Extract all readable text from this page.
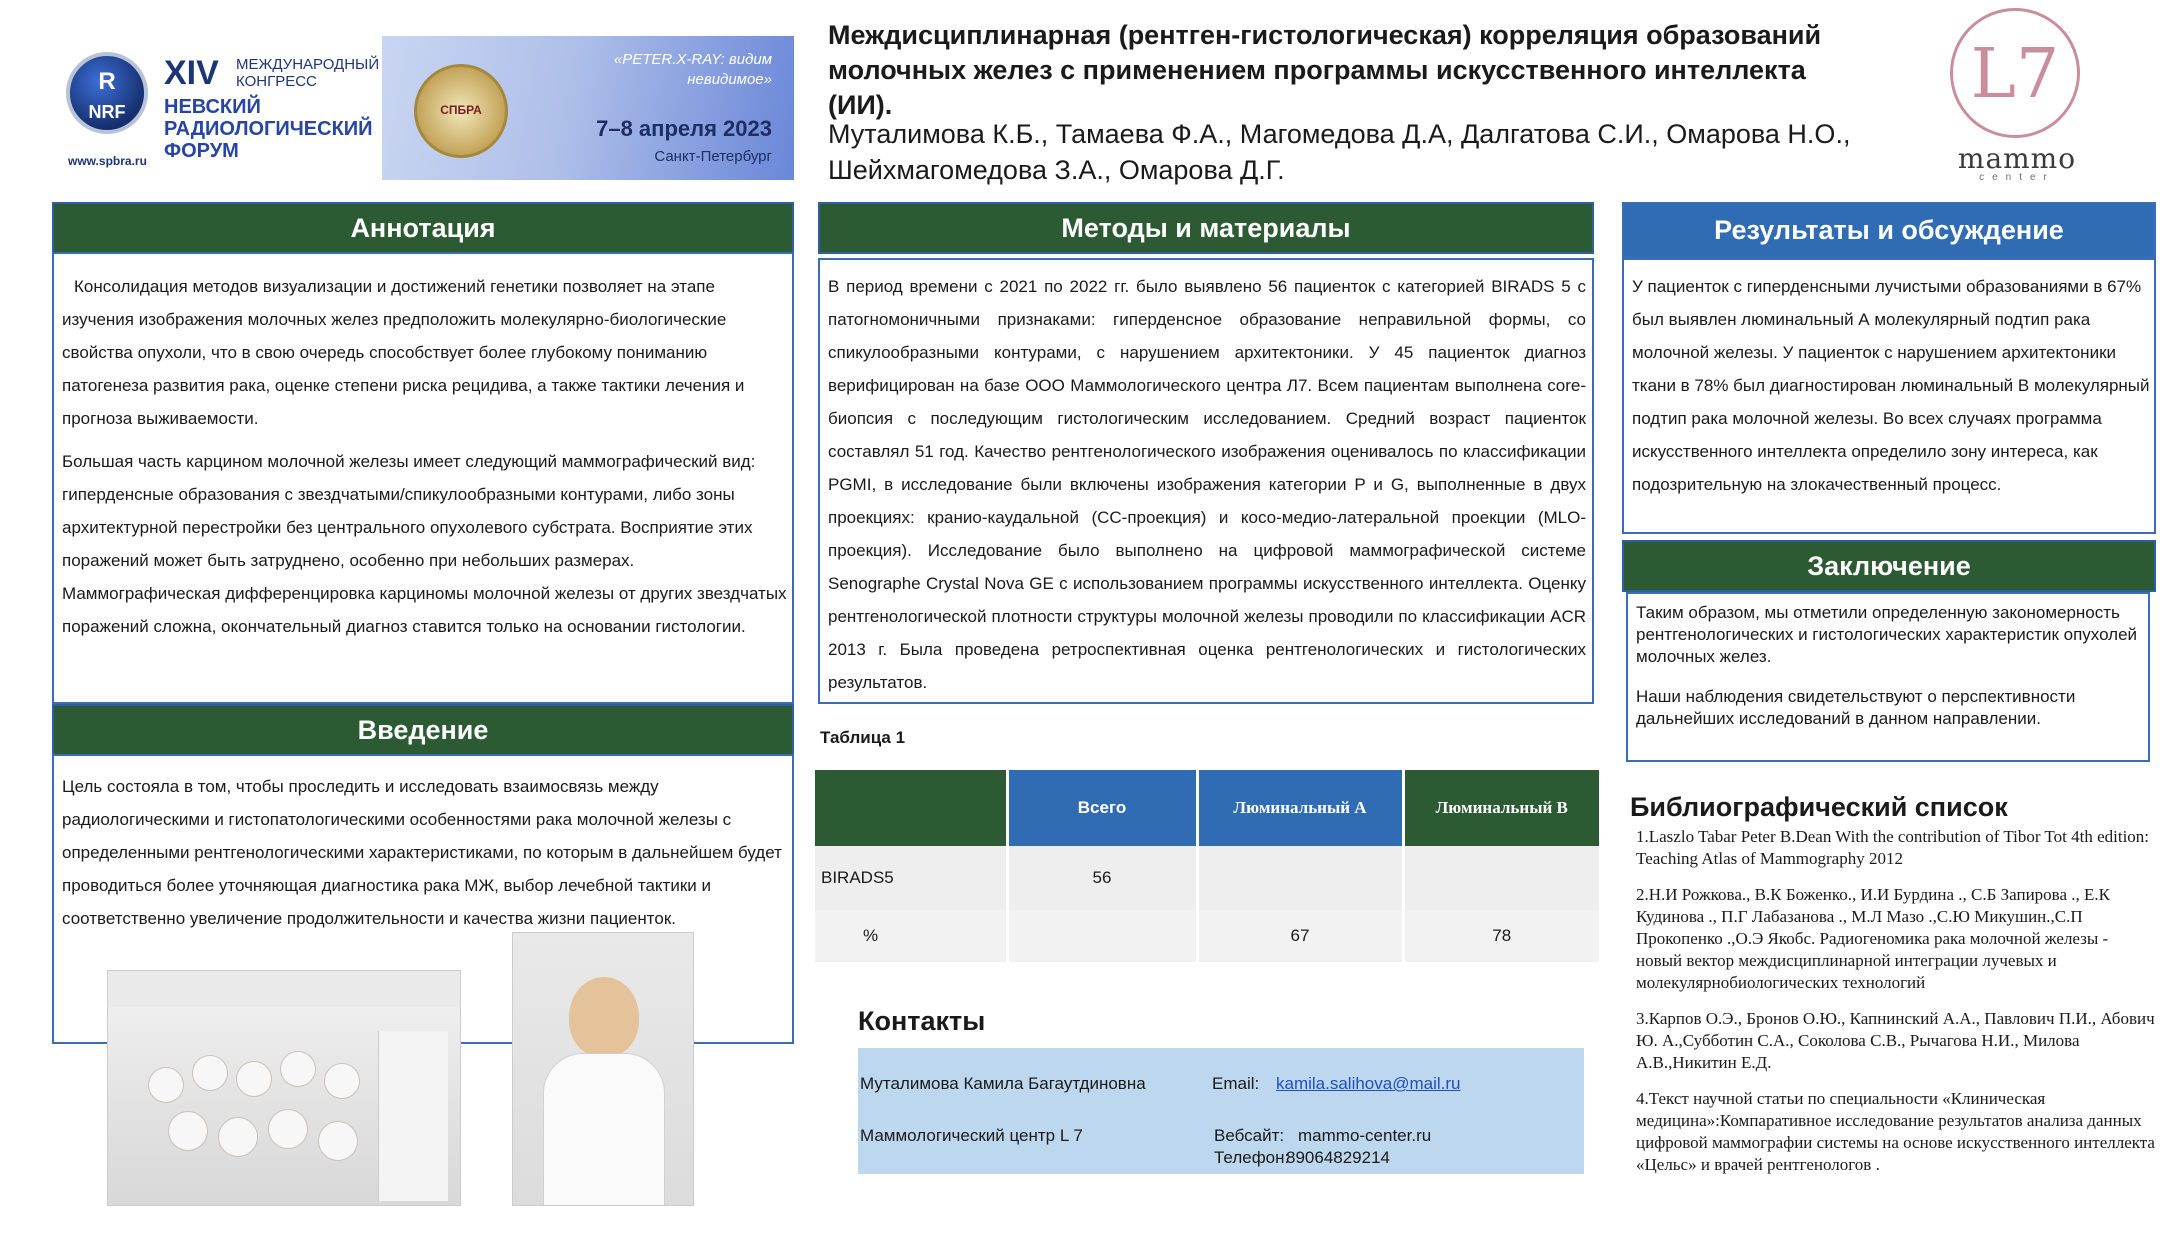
R
NRF
XIV МЕЖДУНАРОДНЫЙ КОНГРЕСС
НЕВСКИЙ РАДИОЛОГИЧЕСКИЙ ФОРУМ
www.spbra.ru
СПБРА
«PETER.X-RAY: видим невидимое»
7–8 апреля 2023
Санкт-Петербург
Междисциплинарная (рентген-гистологическая) корреляция образований молочных желез с применением программы искусственного интеллекта (ИИ).
Муталимова К.Б., Тамаева Ф.А., Магомедова Д.А, Далгатова С.И., Омарова Н.О., Шейхмагомедова З.А., Омарова Д.Г.
L7
mammo
center
Аннотация

Консолидация методов визуализации и достижений генетики позволяет на этапе изучения изображения молочных желез предположить молекулярно-биологические свойства опухоли, что в свою очередь способствует более глубокому пониманию патогенеза развития рака, оценке степени риска рецидива, а также тактики лечения и прогноза выживаемости.

Большая часть карцином молочной железы имеет следующий маммографический вид: гиперденсные образования с звездчатыми/спикулообразными контурами, либо зоны архитектурной перестройки без центрального опухолевого субстрата. Восприятие этих поражений может быть затруднено, особенно при небольших размерах. Маммографическая дифференцировка карциномы молочной железы от других звездчатых поражений сложна, окончательный диагноз ставится только на основании гистологии.

Введение
Цель состояла в том, чтобы проследить и исследовать взаимосвязь между радиологическими и гистопатологическими особенностями рака молочной железы с определенными рентгенологическими характеристиками, по которым в дальнейшем будет проводиться более уточняющая диагностика рака МЖ, выбор лечебной тактики и соответственно увеличение продолжительности и качества жизни пациенток.
Методы и материалы
В период времени с 2021 по 2022 гг. было выявлено 56 пациенток с категорией BIRADS 5 с патогномоничными признаками: гиперденсное образование неправильной формы, со спикулообразными контурами, с нарушением архитектоники. У 45 пациенток диагноз верифицирован на базе ООО Маммологического центра Л7. Всем пациентам выполнена core-биопсия с последующим гистологическим исследованием. Средний возраст пациенток составлял 51 год. Качество рентгенологического изображения оценивалось по классификации PGMI, в исследование были включены изображения категории P и G, выполненные в двух проекциях: кранио-каудальной (СС-проекция) и косо-медио-латеральной проекции (MLO-проекция). Исследование было выполнено на цифровой маммографической системе Senographe Crystal Nova GE с использованием программы искусственного интеллекта. Оценку рентгенологической плотности структуры молочной железы проводили по классификации ACR 2013 г. Была проведена ретроспективная оценка рентгенологических и гистологических результатов.
Таблица 1
	Всего	Люминальный А	Люминальный В
BIRADS5	56		
%		67	78
Контакты
Муталимова Камила Багаутдиновна	Email: kamila.salihova@mail.ru
Маммологический центр L 7	Вебсайт: mammo-center.ru
Телефон:
89064829214
Результаты и обсуждение
У пациенток с гиперденсными лучистыми образованиями в 67% был выявлен люминальный А молекулярный подтип рака молочной железы. У пациенток с нарушением архитектоники ткани в 78% был диагностирован люминальный В молекулярный подтип рака молочной железы. Во всех случаях программа искусственного интеллекта определило зону интереса, как подозрительную на злокачественный процесс.
Заключение

Таким образом, мы отметили определенную закономерность рентгенологических и гистологических характеристик опухолей молочных желез.

Наши наблюдения свидетельствуют о перспективности дальнейших исследований в данном направлении.

Библиографический список

1.Laszlo Tabar Peter B.Dean With the contribution of Tibor Tot 4th edition: Teaching Atlas of Mammography 2012

2.Н.И Рожкова., В.К Боженко., И.И Бурдина ., С.Б Запирова ., Е.К Кудинова ., П.Г Лабазанова ., М.Л Мазо .,С.Ю Микушин.,С.П Прокопенко .,О.Э Якобс. Радиогеномика рака молочной железы - новый вектор междисциплинарной интеграции лучевых и молекулярнобиологических технологий

3.Карпов О.Э., Бронов О.Ю., Капнинский А.А., Павлович П.И., Абович Ю. А.,Субботин С.А., Соколова С.В., Рычагова Н.И., Милова А.В.,Никитин Е.Д.

4.Текст научной статьи по специальности «Клиническая медицина»:Компаративное исследование результатов анализа данных цифровой маммографии системы на основе искусственного интеллекта «Цельс» и врачей рентгенологов .
